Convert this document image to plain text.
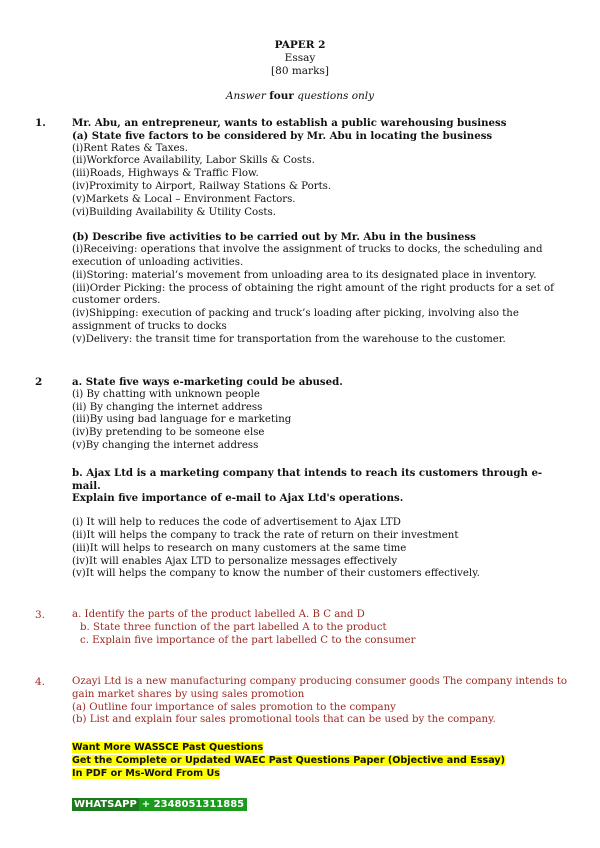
PAPER 2
Essay
[80 marks]
Answer four questions only
1.	Mr. Abu, an entrepreneur, wants to establish a public warehousing business
(a) State five factors to be considered by Mr. Abu in locating the business
(i)Rent Rates & Taxes.
(ii)Workforce Availability, Labor Skills & Costs.
(iii)Roads, Highways & Traffic Flow.
(iv)Proximity to Airport, Railway Stations & Ports.
(v)Markets & Local – Environment Factors.
(vi)Building Availability & Utility Costs.
(b) Describe five activities to be carried out by Mr. Abu in the business
(i)Receiving: operations that involve the assignment of trucks to docks, the scheduling and execution of unloading activities.
(ii)Storing: material’s movement from unloading area to its designated place in inventory.
(iii)Order Picking: the process of obtaining the right amount of the right products for a set of customer orders.
(iv)Shipping: execution of packing and truck’s loading after picking, involving also the assignment of trucks to docks
(v)Delivery: the transit time for transportation from the warehouse to the customer.
2	a. State five ways e-marketing could be abused.
(i) By chatting with unknown people
(ii) By changing the internet address
(iii)By using bad language for e marketing
(iv)By pretending to be someone else
(v)By changing the internet address
b. Ajax Ltd is a marketing company that intends to reach its customers through e-mail.
Explain five importance of e-mail to Ajax Ltd's operations.
(i) It will help to reduces the code of advertisement to Ajax LTD
(ii)It will helps the company to track the rate of return on their investment
(iii)It will helps to research on many customers at the same time
(iv)It will enables Ajax LTD to personalize messages effectively
(v)It will helps the company to know the number of their customers effectively.
3.	a. Identify the parts of the product labelled A. B C and D
b. State three function of the part labelled A to the product
c. Explain five importance of the part labelled C to the consumer
4.	Ozayi Ltd is a new manufacturing company producing consumer goods The company intends to gain market shares by using sales promotion
(a) Outline four importance of sales promotion to the company
(b) List and explain four sales promotional tools that can be used by the company.
Want More WASSCE Past Questions
Get the Complete or Updated WAEC Past Questions Paper (Objective and Essay)
In PDF or Ms-Word From Us
WHATSAPP + 2348051311885
